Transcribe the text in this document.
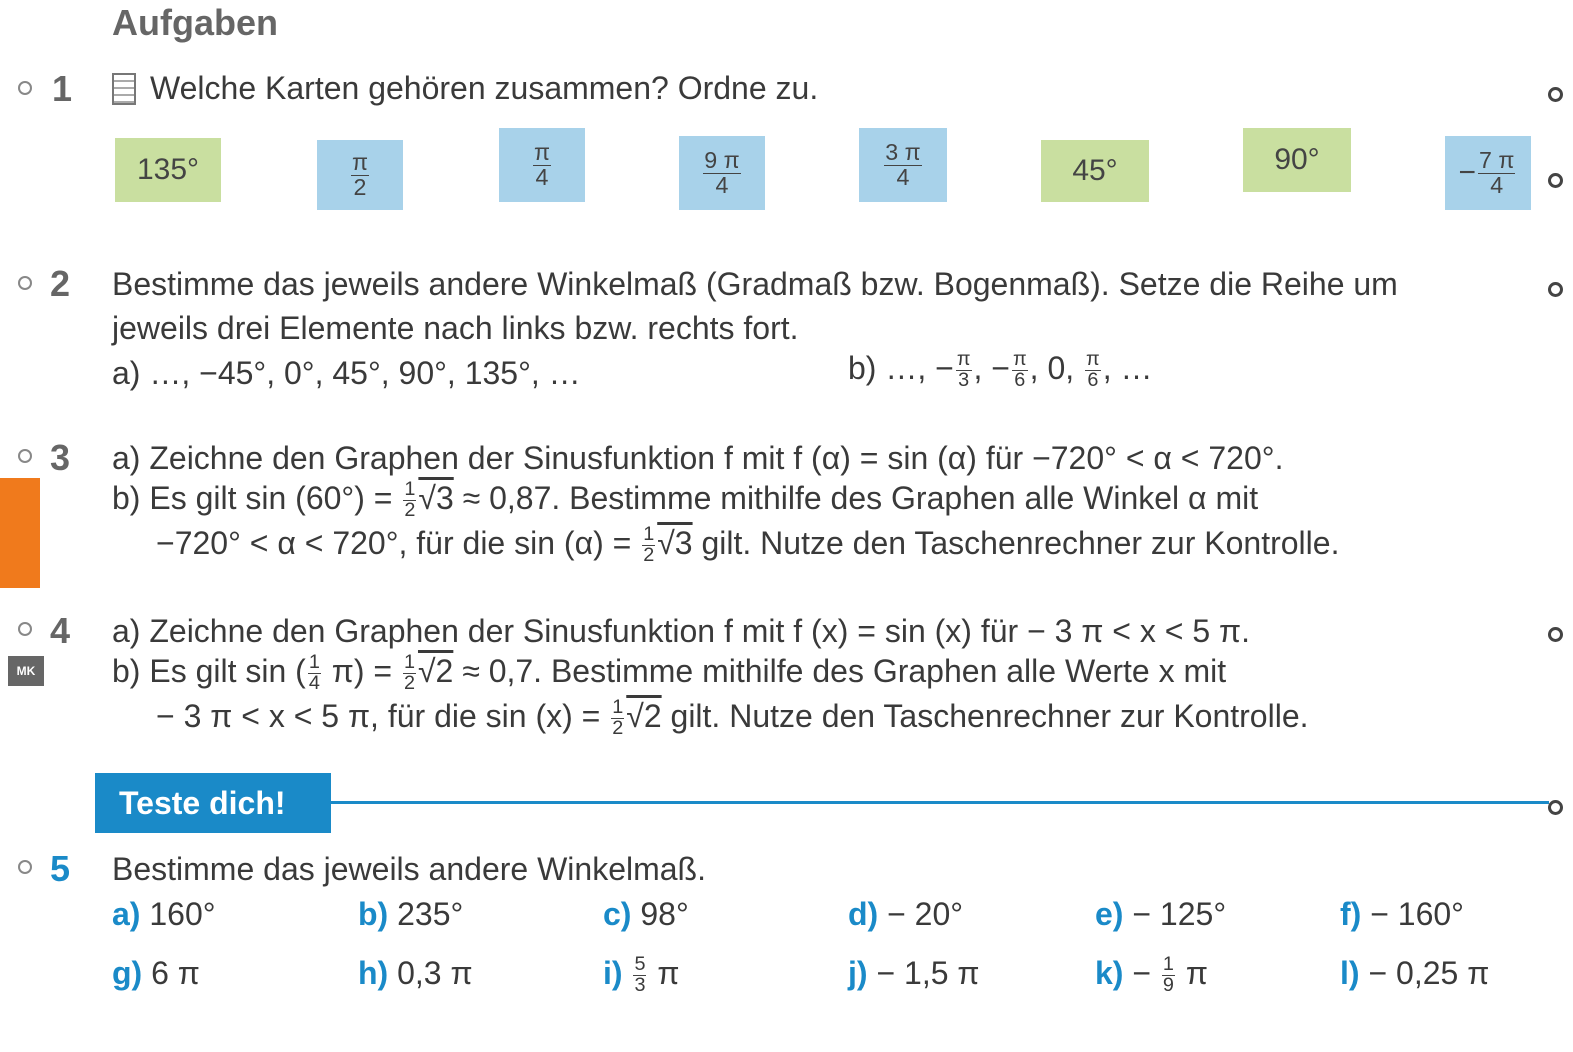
Aufgaben
MK
1 Welche Karten gehören zusammen? Ordne zu.
135°	$\frac{\pi}{2}$	$\frac{\pi}{4}$	$\frac{9 \pi}{4}$	$\frac{3 \pi}{4}$	45°	90°	− $\frac{7 \pi}{4}$
2 Bestimme das jeweils andere Winkelmaß (Gradmaß bzw. Bogenmaß). Setze die Reihe um
jeweils drei Elemente nach links bzw. rechts fort.
a) …, −45°, 0°, 45°, 90°, 135°, …	b) …, − $\frac{\pi}{3}$ , − $\frac{\pi}{6}$ , 0, $\frac{\pi}{6}$ , …
3 a) Zeichne den Graphen der Sinusfunktion f mit f (α) = sin (α) für −720° < α < 720°.
b) Es gilt $\sin (60^\circ) = \frac{1}{2} √3 \approx 0,87$. Bestimme mithilfe des Graphen alle Winkel α mit
−720° < α < 720°, für die $\sin (\alpha) = \frac{1}{2} √3$ gilt. Nutze den Taschenrechner zur Kontrolle.
4 a) Zeichne den Graphen der Sinusfunktion f mit f (x) = sin (x) für − 3 π < x < 5 π.
b) Es gilt sin ( $\frac{1}{4} \pi) = \frac{1}{2} √2 \approx 0,7$. Bestimme mithilfe des Graphen alle Werte x mit
− 3 π < x < 5 π, für die $\sin (x) = \frac{1}{2} √2$ gilt. Nutze den Taschenrechner zur Kontrolle.
Teste dich!
5 Bestimme das jeweils andere Winkelmaß.
a) 160°	b) 235°	c) 98°	d) − 20°	e) − 125°	f) − 160°
g) 6 π	h) 0,3 π	$i) \frac{5}{3}$ π	j) − 1,5 π	$k) - \frac{1}{9}$ π	l) − 0,25 π
